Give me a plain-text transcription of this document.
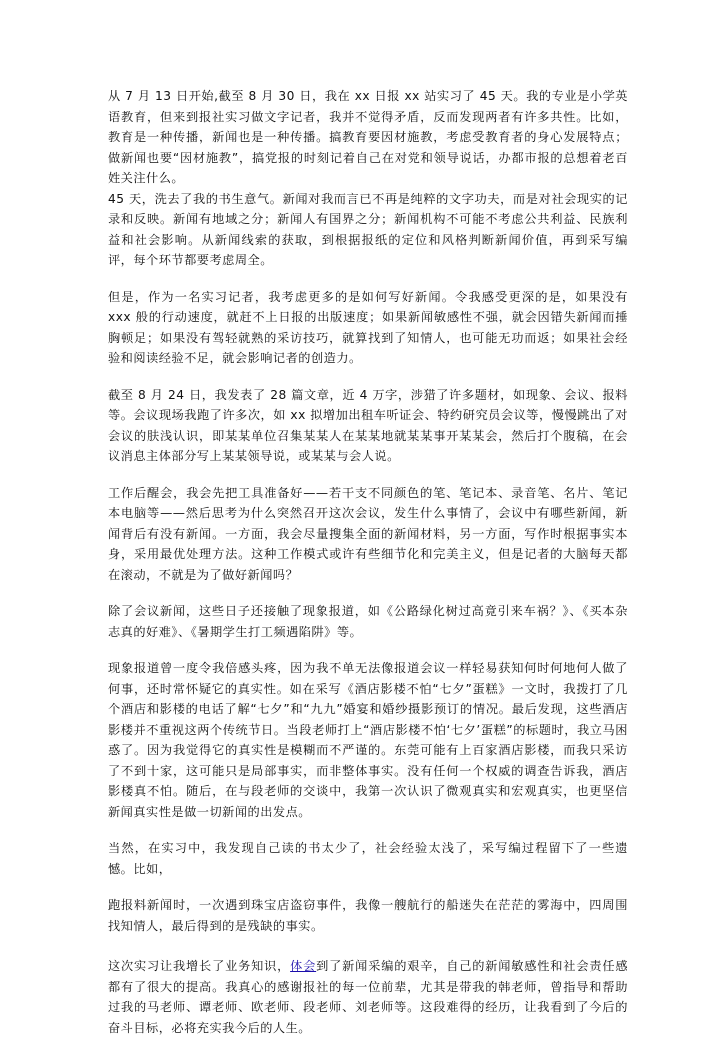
从 7 月 13 日开始,截至 8 月 30 日，我在 xx 日报 xx 站实习了 45 天。我的专业是小学英语教育，但来到报社实习做文字记者，我并不觉得矛盾，反而发现两者有许多共性。比如，教育是一种传播，新闻也是一种传播。搞教育要因材施教，考虑受教育者的身心发展特点；做新闻也要“因材施教”，搞党报的时刻记着自己在对党和领导说话，办都市报的总想着老百姓关注什么。
45 天，洗去了我的书生意气。新闻对我而言已不再是纯粹的文字功夫，而是对社会现实的记录和反映。新闻有地域之分；新闻人有国界之分；新闻机构不可能不考虑公共利益、民族利益和社会影响。从新闻线索的获取，到根据报纸的定位和风格判断新闻价值，再到采写编评，每个环节都要考虑周全。

但是，作为一名实习记者，我考虑更多的是如何写好新闻。令我感受更深的是，如果没有 xxx 般的行动速度，就赶不上日报的出版速度；如果新闻敏感性不强，就会因错失新闻而捶胸顿足；如果没有驾轻就熟的采访技巧，就算找到了知情人，也可能无功而返；如果社会经验和阅读经验不足，就会影响记者的创造力。

截至 8 月 24 日，我发表了 28 篇文章，近 4 万字，涉猎了许多题材，如现象、会议、报料等。会议现场我跑了许多次，如 xx 拟增加出租车听证会、特约研究员会议等，慢慢跳出了对会议的肤浅认识，即某某单位召集某某人在某某地就某某事开某某会，然后打个腹稿，在会议消息主体部分写上某某领导说，或某某与会人说。

工作后醒会，我会先把工具准备好——若干支不同颜色的笔、笔记本、录音笔、名片、笔记本电脑等——然后思考为什么突然召开这次会议，发生什么事情了，会议中有哪些新闻，新闻背后有没有新闻。一方面，我会尽量搜集全面的新闻材料，另一方面，写作时根据事实本身，采用最优处理方法。这种工作模式或许有些细节化和完美主义，但是记者的大脑每天都在滚动，不就是为了做好新闻吗？

除了会议新闻，这些日子还接触了现象报道，如《公路绿化树过高竟引来车祸？》、《买本杂志真的好难》、《暑期学生打工频遇陷阱》等。

现象报道曾一度令我倍感头疼，因为我不单无法像报道会议一样轻易获知何时何地何人做了何事，还时常怀疑它的真实性。如在采写《酒店影楼不怕“七夕”蛋糕》一文时，我拨打了几个酒店和影楼的电话了解“七夕”和“九九”婚宴和婚纱摄影预订的情况。最后发现，这些酒店影楼并不重视这两个传统节日。当段老师打上“酒店影楼不怕‘七夕’蛋糕”的标题时，我立马困惑了。因为我觉得它的真实性是模糊而不严谨的。东莞可能有上百家酒店影楼，而我只采访了不到十家，这可能只是局部事实，而非整体事实。没有任何一个权威的调查告诉我，酒店影楼真不怕。随后，在与段老师的交谈中，我第一次认识了微观真实和宏观真实，也更坚信新闻真实性是做一切新闻的出发点。

当然，在实习中，我发现自己读的书太少了，社会经验太浅了，采写编过程留下了一些遗憾。比如，

跑报料新闻时，一次遇到珠宝店盗窃事件，我像一艘航行的船迷失在茫茫的雾海中，四周围找知情人，最后得到的是残缺的事实。

这次实习让我增长了业务知识，体会到了新闻采编的艰辛，自己的新闻敏感性和社会责任感都有了很大的提高。我真心的感谢报社的每一位前辈，尤其是带我的韩老师，曾指导和帮助过我的马老师、谭老师、欧老师、段老师、刘老师等。这段难得的经历，让我看到了今后的奋斗目标，必将充实我今后的人生。
